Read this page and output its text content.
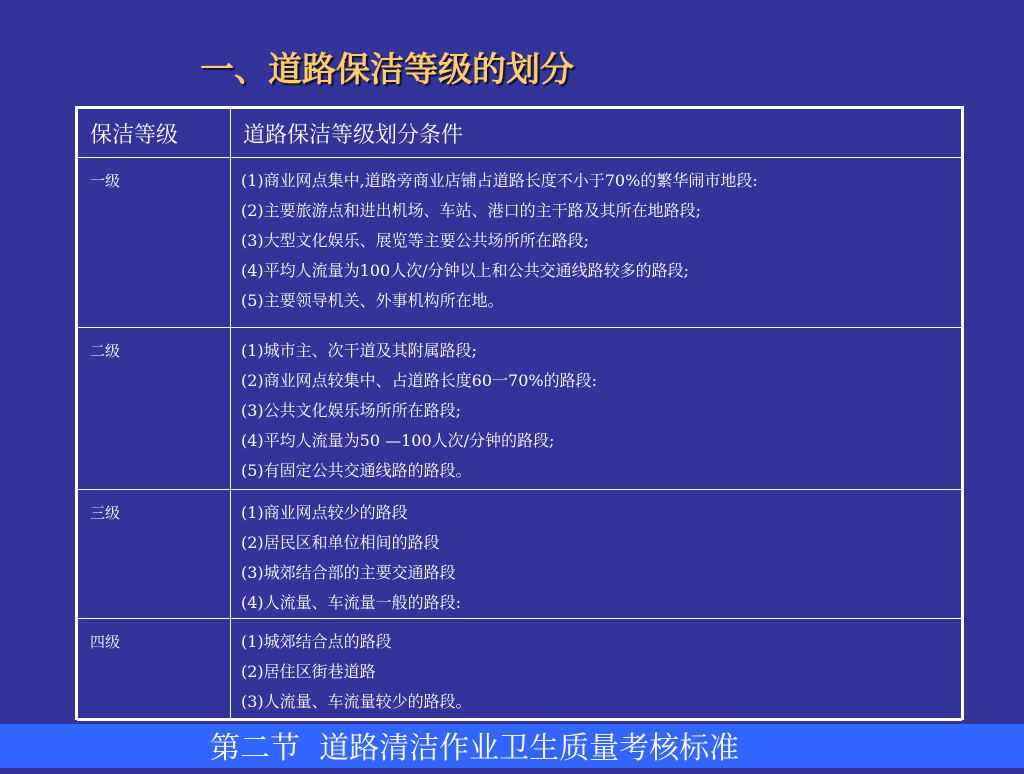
一、道路保洁等级的划分
保洁等级	道路保洁等级划分条件
一级	(1)商业网点集中,道路旁商业店铺占道路长度不小于70%的繁华闹市地段:
(2)主要旅游点和进出机场、车站、港口的主干路及其所在地路段;
(3)大型文化娱乐、展览等主要公共场所所在路段;
(4)平均人流量为100人次/分钟以上和公共交通线路较多的路段;
(5)主要领导机关、外事机构所在地。

二级	(1)城市主、次干道及其附属路段;
(2)商业网点较集中、占道路长度60一70%的路段:
(3)公共文化娱乐场所所在路段;
(4)平均人流量为50 —100人次/分钟的路段;
(5)有固定公共交通线路的路段。

三级	(1)商业网点较少的路段
(2)居民区和单位相间的路段
(3)城郊结合部的主要交通路段
(4)人流量、车流量一般的路段:

四级	(1)城郊结合点的路段
(2)居住区街巷道路
(3)人流量、车流量较少的路段。
第二节  道路清洁作业卫生质量考核标准
